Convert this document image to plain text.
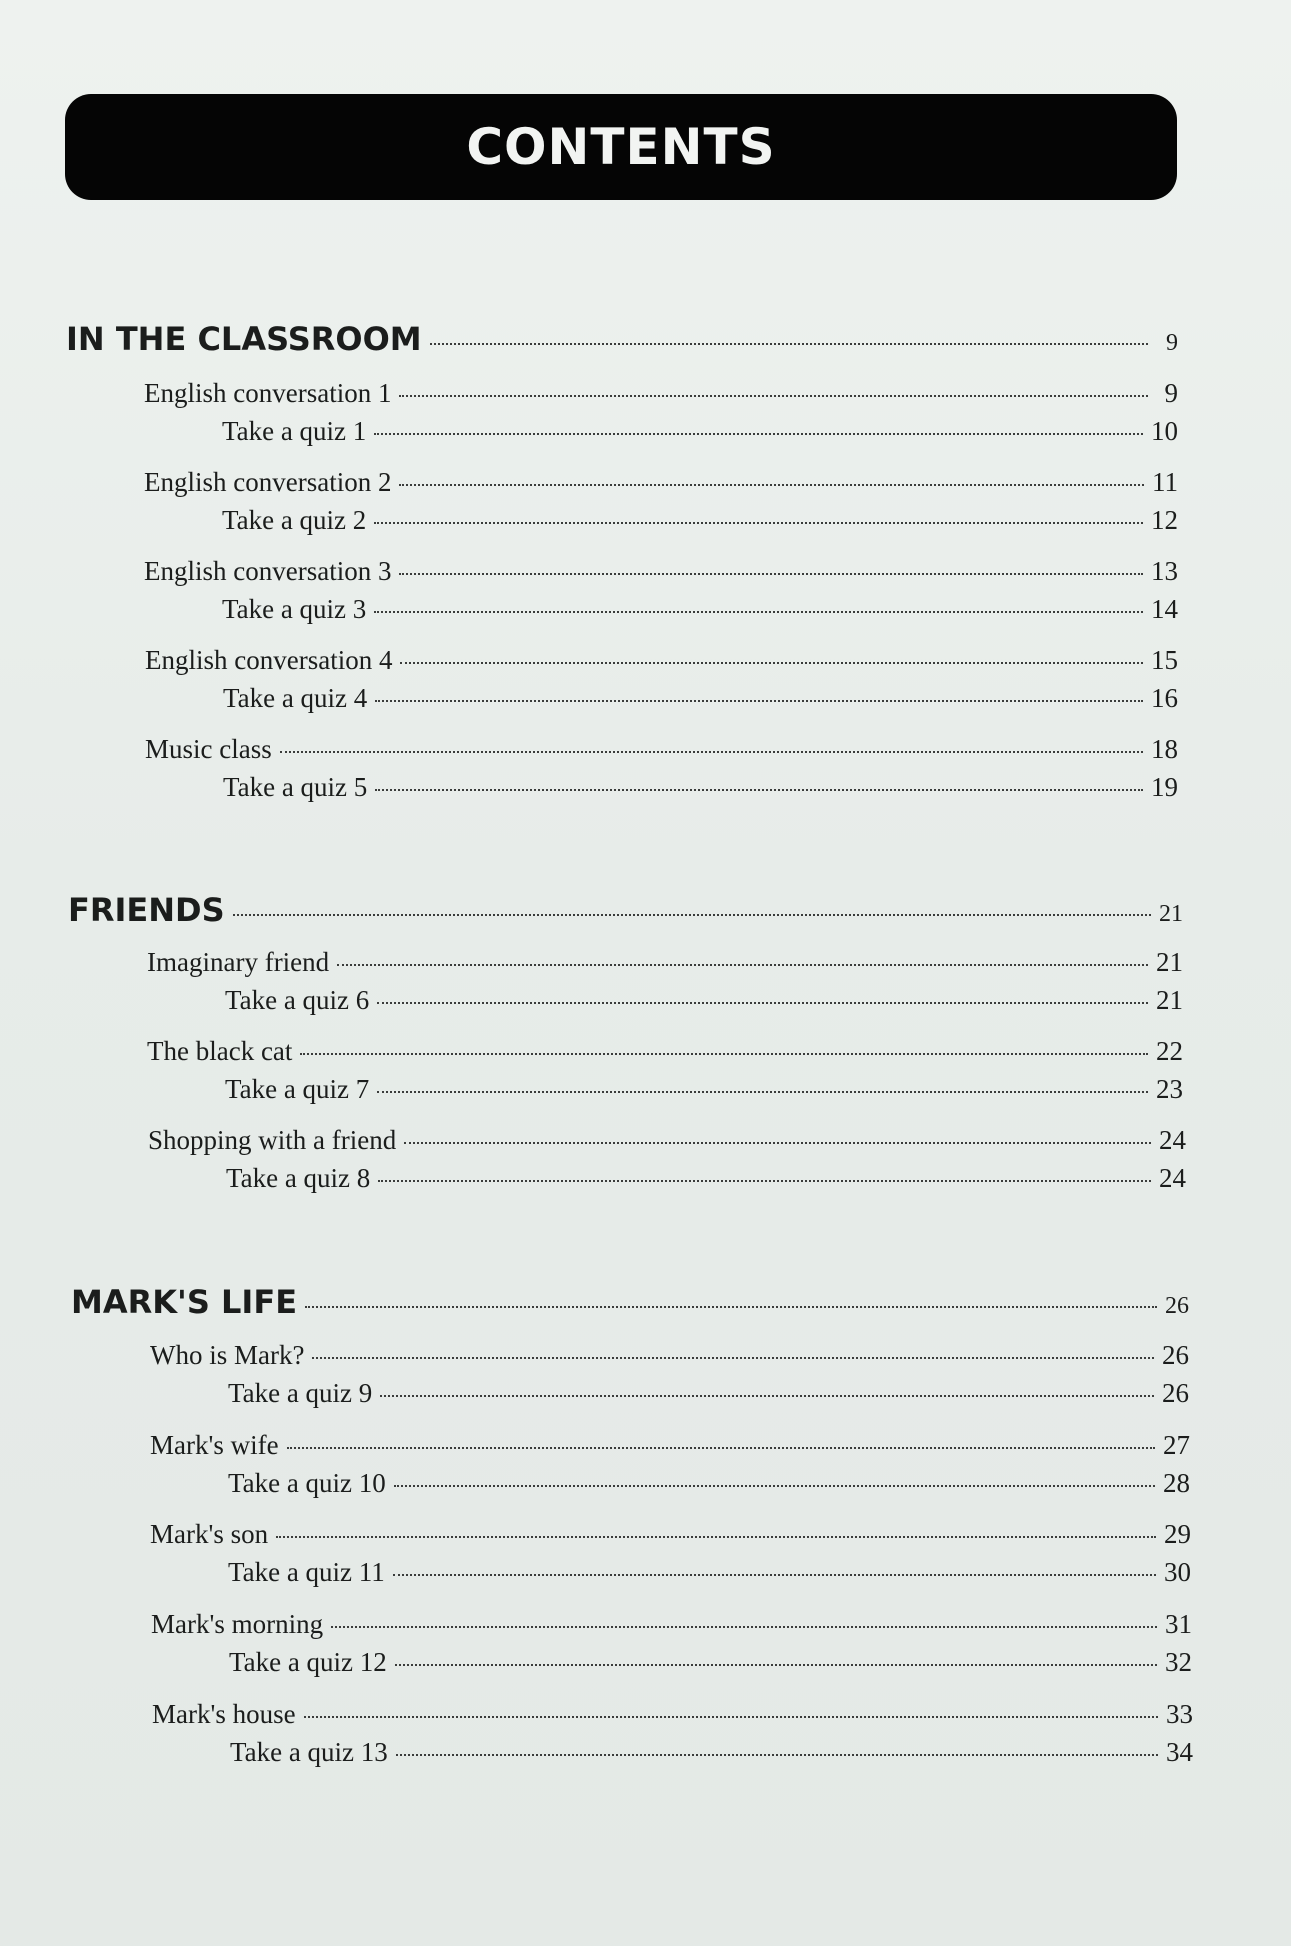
CONTENTS
IN THE CLASSROOM	9
English conversation 1	9
Take a quiz 1	10
English conversation 2	11
Take a quiz 2	12
English conversation 3	13
Take a quiz 3	14
English conversation 4	15
Take a quiz 4	16
Music class	18
Take a quiz 5	19
FRIENDS	21
Imaginary friend	21
Take a quiz 6	21
The black cat	22
Take a quiz 7	23
Shopping with a friend	24
Take a quiz 8	24
MARK'S LIFE	26
Who is Mark?	26
Take a quiz 9	26
Mark's wife	27
Take a quiz 10	28
Mark's son	29
Take a quiz 11	30
Mark's morning	31
Take a quiz 12	32
Mark's house	33
Take a quiz 13	34
